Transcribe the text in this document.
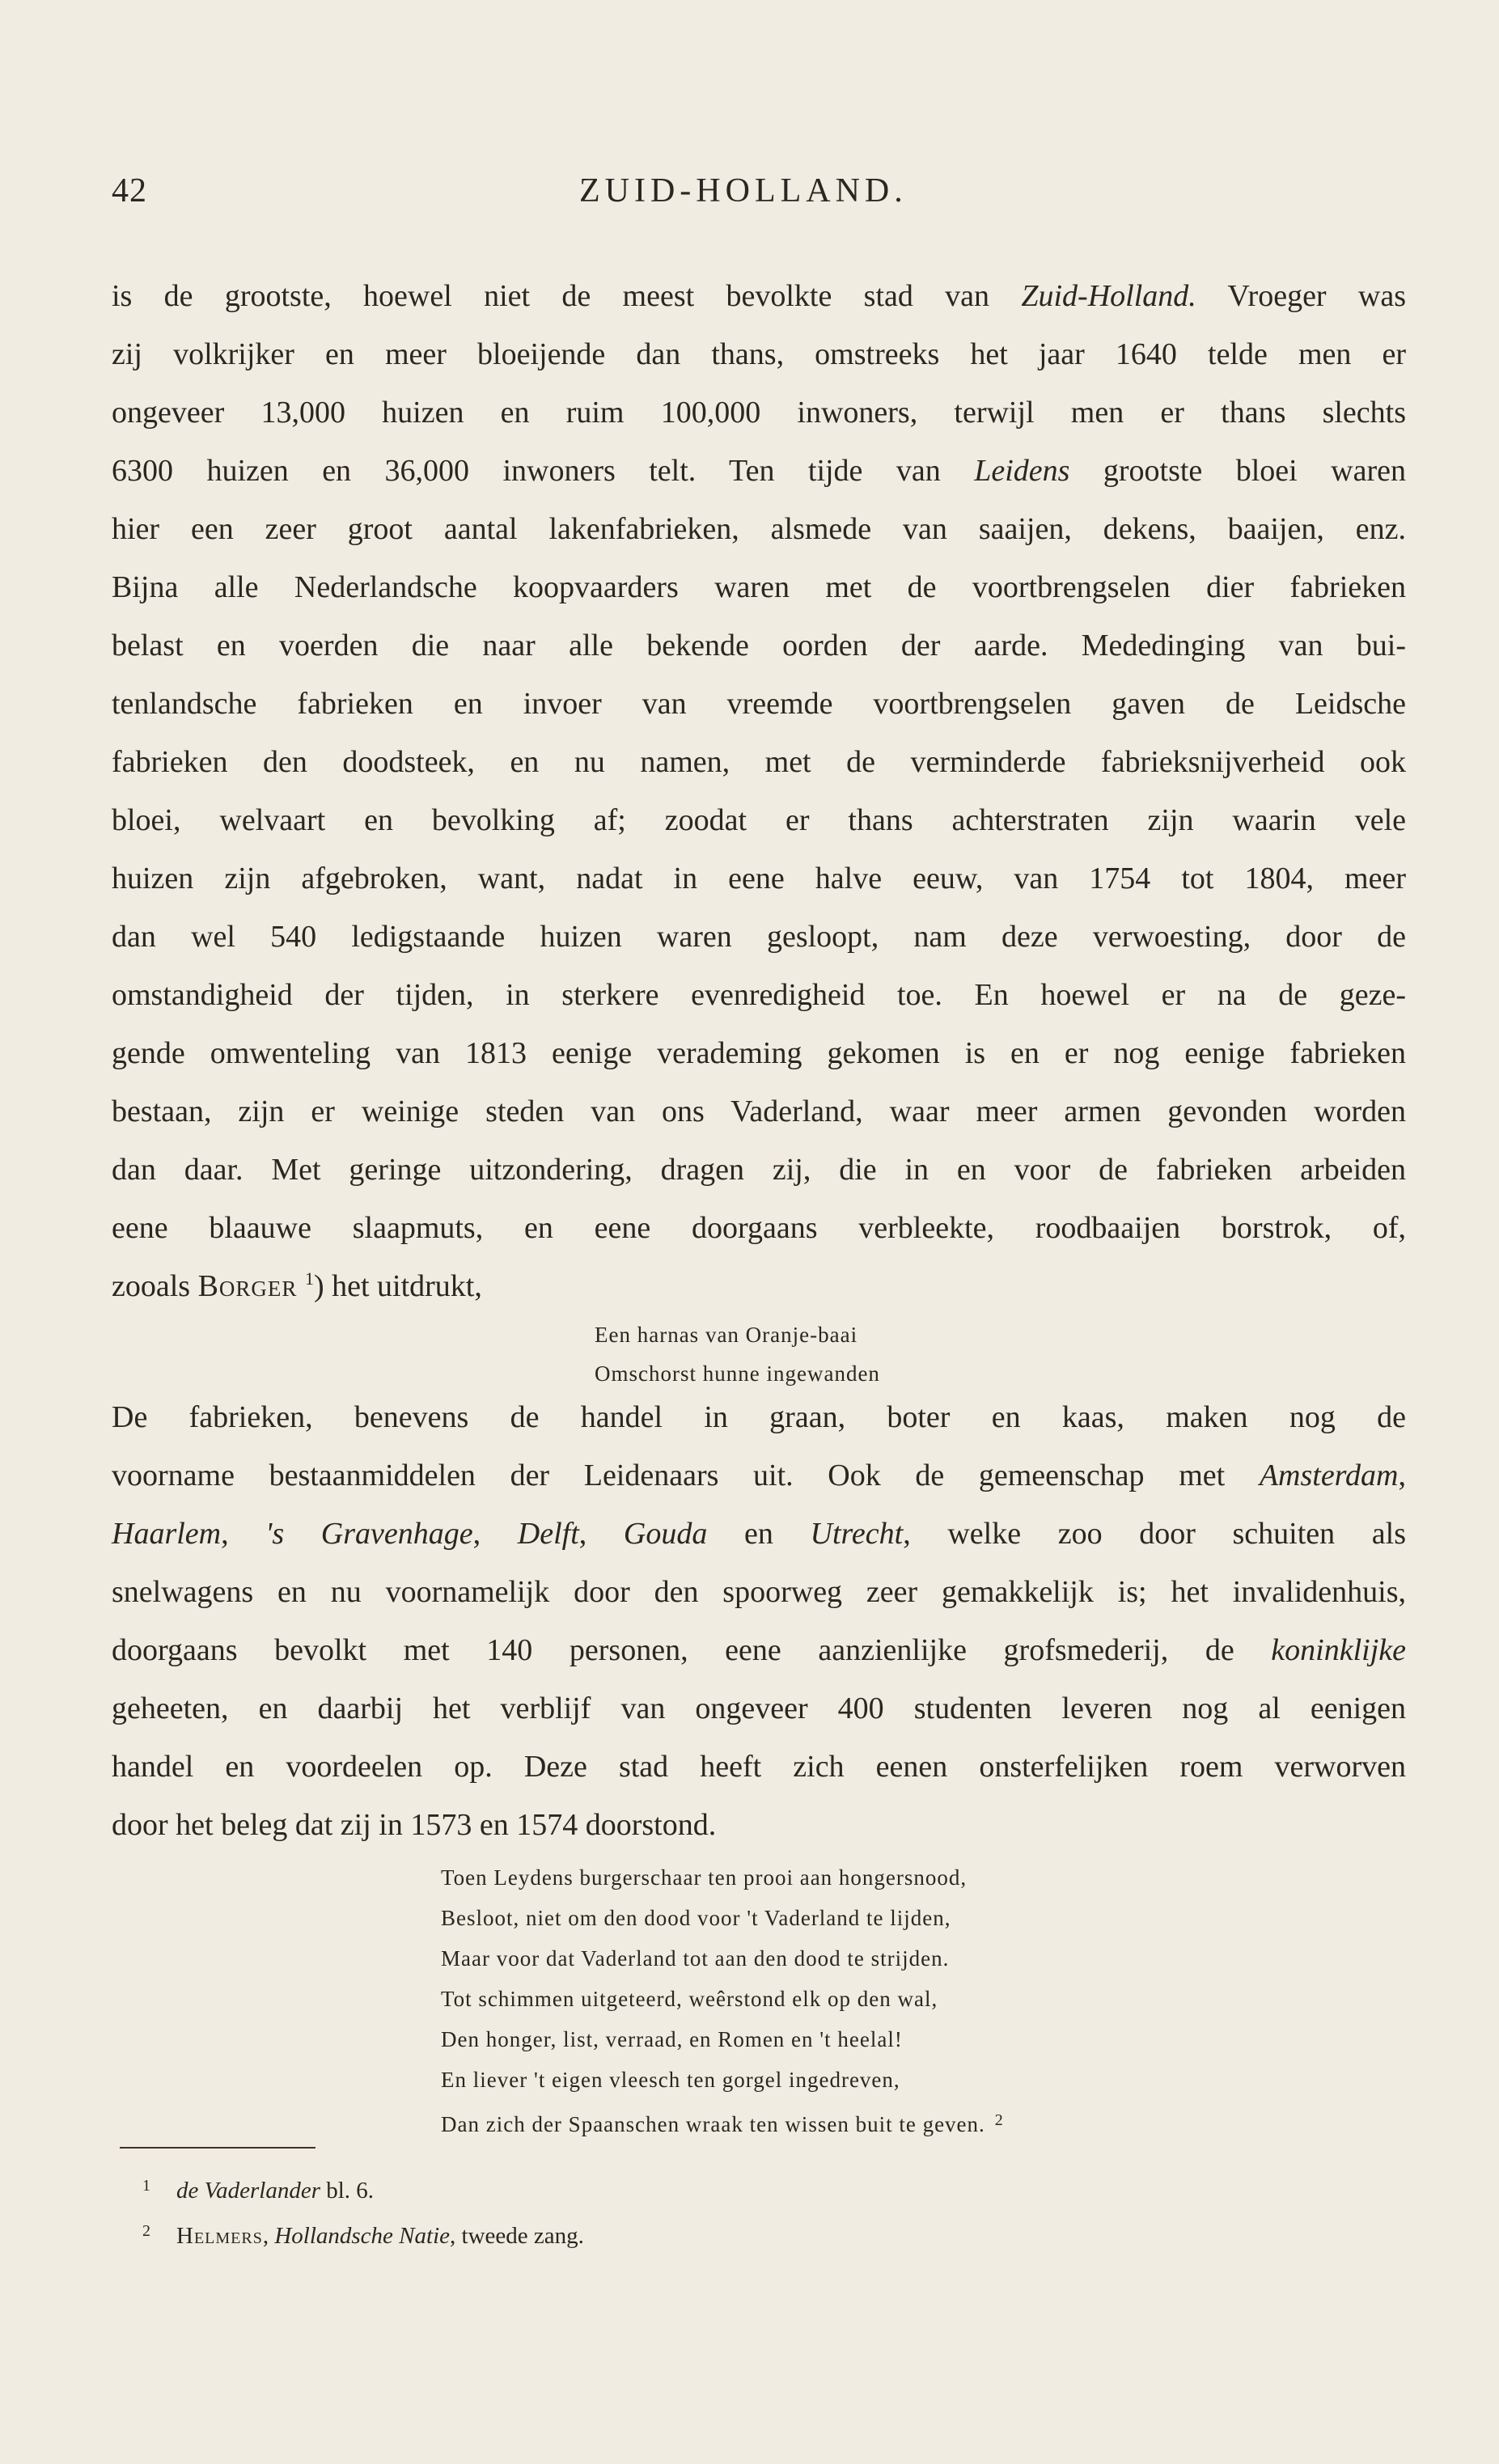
42	ZUID-HOLLAND.
is de grootste, hoewel niet de meest bevolkte stad van Zuid-Holland. Vroeger was
zij volkrijker en meer bloeijende dan thans, omstreeks het jaar 1640 telde men er
ongeveer 13,000 huizen en ruim 100,000 inwoners, terwijl men er thans slechts
6300 huizen en 36,000 inwoners telt. Ten tijde van Leidens grootste bloei waren
hier een zeer groot aantal lakenfabrieken, alsmede van saaijen, dekens, baaijen, enz.
Bijna alle Nederlandsche koopvaarders waren met de voortbrengselen dier fabrieken
belast en voerden die naar alle bekende oorden der aarde. Mededinging van bui-
tenlandsche fabrieken en invoer van vreemde voortbrengselen gaven de Leidsche
fabrieken den doodsteek, en nu namen, met de verminderde fabrieksnijverheid ook
bloei, welvaart en bevolking af; zoodat er thans achterstraten zijn waarin vele
huizen zijn afgebroken, want, nadat in eene halve eeuw, van 1754 tot 1804, meer
dan wel 540 ledigstaande huizen waren gesloopt, nam deze verwoesting, door de
omstandigheid der tijden, in sterkere evenredigheid toe. En hoewel er na de geze-
gende omwenteling van 1813 eenige verademing gekomen is en er nog eenige fabrieken
bestaan, zijn er weinige steden van ons Vaderland, waar meer armen gevonden worden
dan daar. Met geringe uitzondering, dragen zij, die in en voor de fabrieken arbeiden
eene blaauwe slaapmuts, en eene doorgaans verbleekte, roodbaaijen borstrok, of,
zooals Borger $^1$) het uitdrukt,
Een harnas van Oranje-baai
Omschorst hunne ingewanden
De fabrieken, benevens de handel in graan, boter en kaas, maken nog de
voorname bestaanmiddelen der Leidenaars uit. Ook de gemeenschap met Amsterdam,
Haarlem, 's Gravenhage, Delft, Gouda en Utrecht, welke zoo door schuiten als
snelwagens en nu voornamelijk door den spoorweg zeer gemakkelijk is; het invalidenhuis,
doorgaans bevolkt met 140 personen, eene aanzienlijke grofsmederij, de koninklijke
geheeten, en daarbij het verblijf van ongeveer 400 studenten leveren nog al eenigen
handel en voordeelen op. Deze stad heeft zich eenen onsterfelijken roem verworven
door het beleg dat zij in 1573 en 1574 doorstond.
Toen Leydens burgerschaar ten prooi aan hongersnood,
Besloot, niet om den dood voor 't Vaderland te lijden,
Maar voor dat Vaderland tot aan den dood te strijden.
Tot schimmen uitgeteerd, weêrstond elk op den wal,
Den honger, list, verraad, en Romen en 't heelal!
En liever 't eigen vleesch ten gorgel ingedreven,
Dan zich der Spaanschen wraak ten wissen buit te geven. $^2$
1 de Vaderlander bl. 6.
2 Helmers, Hollandsche Natie, tweede zang.
